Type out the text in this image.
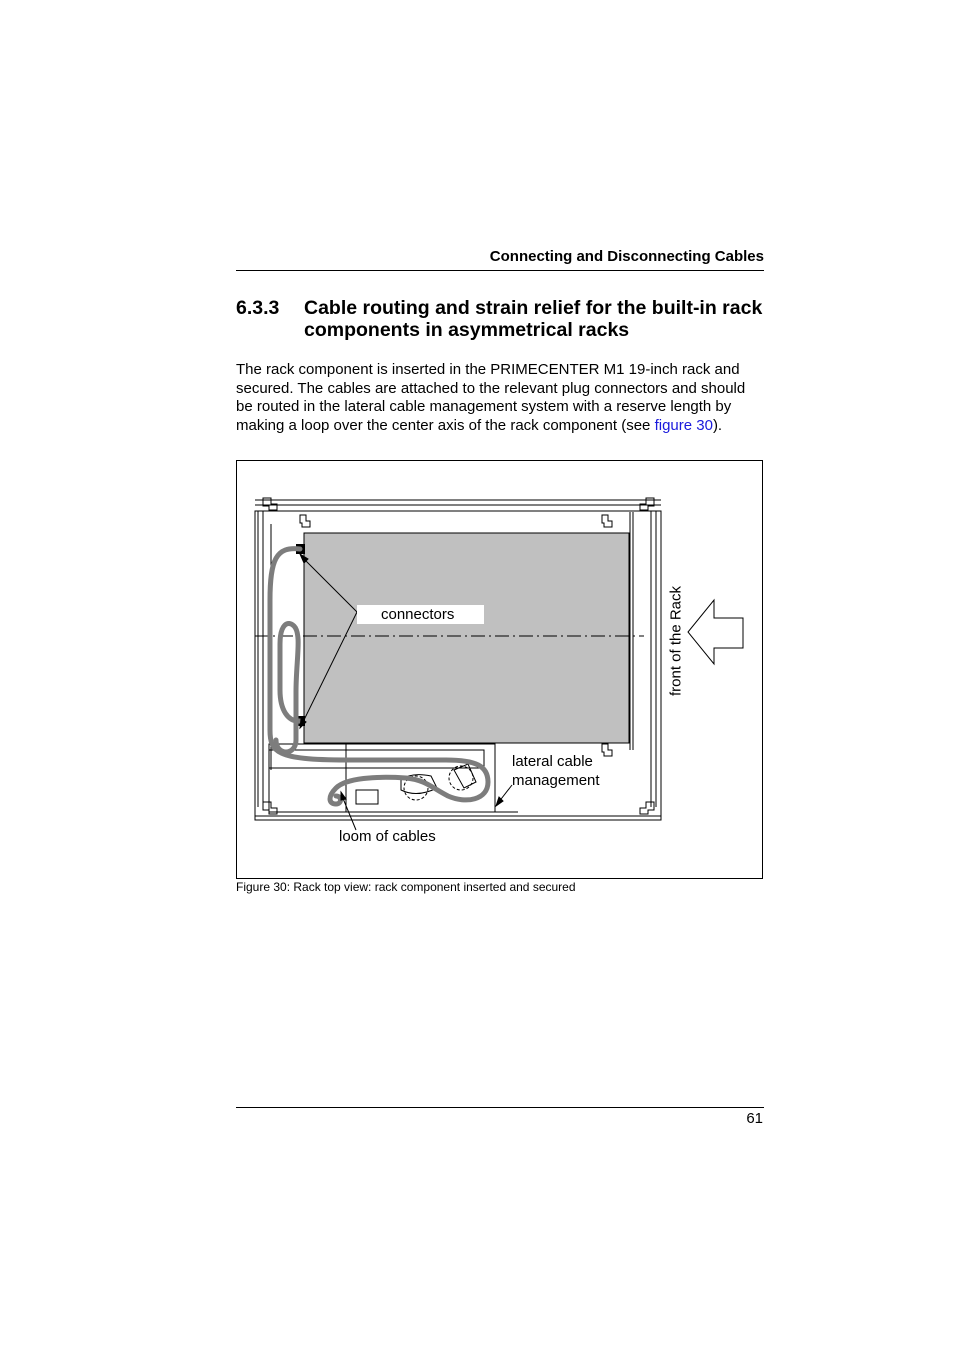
Connecting and Disconnecting Cables
6.3.3 Cable routing and strain relief for the built-in rack components in asymmetrical racks
The rack component is inserted in the PRIMECENTER M1 19-inch rack and secured. The cables are attached to the relevant plug connectors and should be routed in the lateral cable management system with a reserve length by making a loop over the center axis of the rack component (see figure 30).
connectors
lateral cable
management
loom of cables
front of the Rack
Figure 30: Rack top view: rack component inserted and secured
61
